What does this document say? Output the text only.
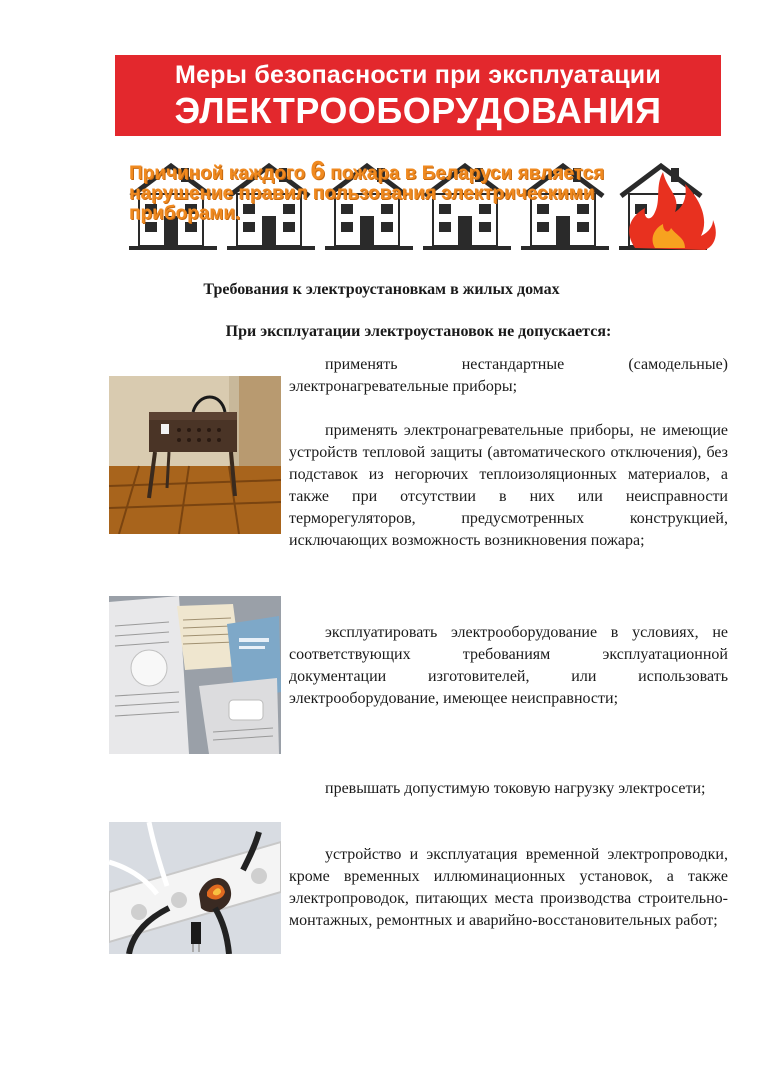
Меры безопасности при эксплуатации
ЭЛЕКТРООБОРУДОВАНИЯ
Причиной каждого 6 пожара в Беларуси является нарушение правил пользования электрическими приборами.
Требования к электроустановкам в жилых домах
При эксплуатации электроустановок не допускается:
применять нестандартные (самодельные) электронагревательные приборы;
применять электронагревательные приборы, не имеющие устройств тепловой защиты (автоматического отключения), без подставок из негорючих теплоизоляционных материалов, а также при отсутствии в них или неисправности терморегуляторов, предусмотренных конструкцией, исключающих возможность возникновения пожара;
эксплуатировать электрооборудование в условиях, не соответствующих требованиям эксплуатационной документации изготовителей, или использовать электрооборудование, имеющее неисправности;
превышать допустимую токовую нагрузку электросети;
устройство и эксплуатация временной электропроводки, кроме временных иллюминационных установок, а также электропроводок, питающих места производства строительно-монтажных, ремонтных и аварийно-восстановительных работ;
